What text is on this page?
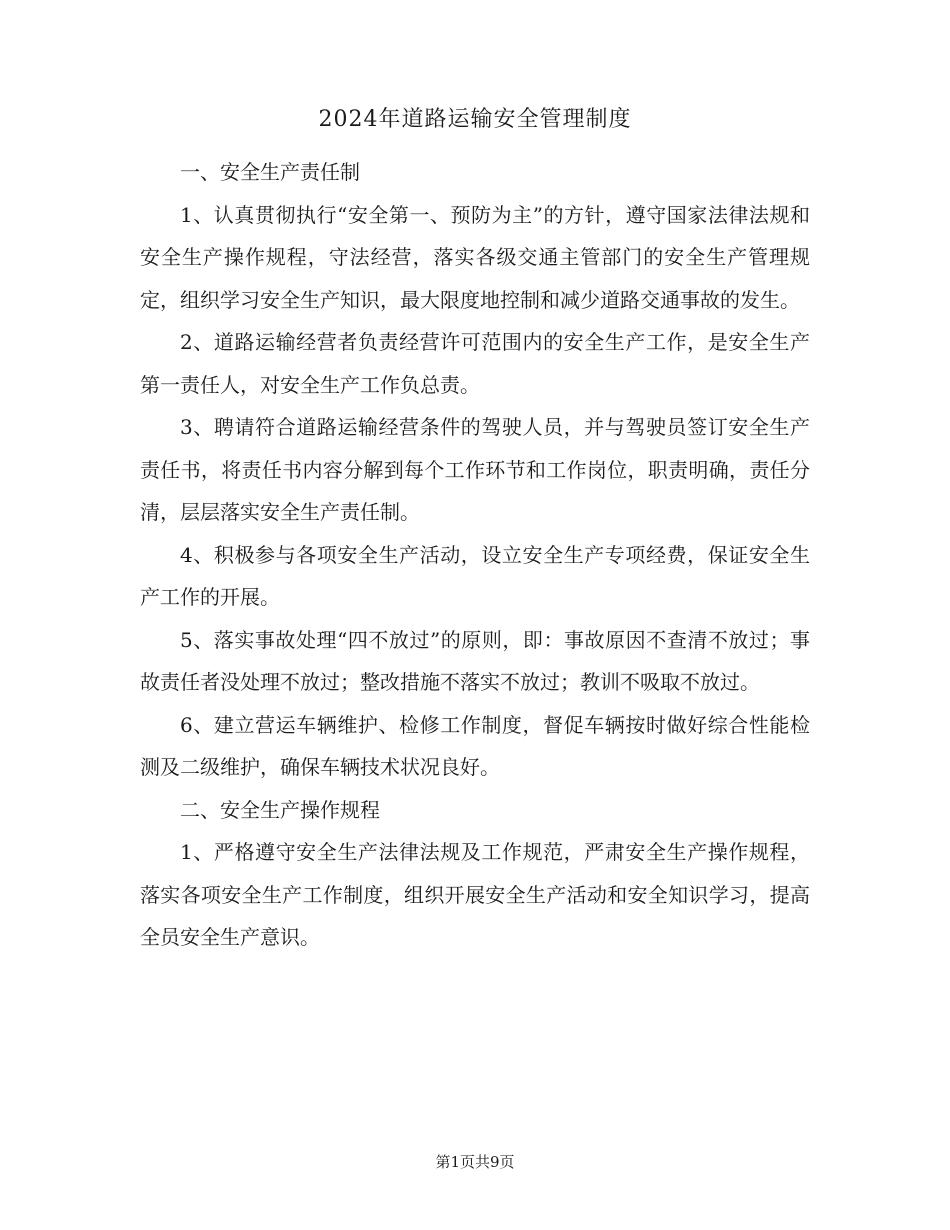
2024年道路运输安全管理制度

一、安全生产责任制

1、认真贯彻执行“安全第一、预防为主”的方针，遵守国家法律法规和安全生产操作规程，守法经营，落实各级交通主管部门的安全生产管理规定，组织学习安全生产知识，最大限度地控制和减少道路交通事故的发生。

2、道路运输经营者负责经营许可范围内的安全生产工作，是安全生产第一责任人，对安全生产工作负总责。

3、聘请符合道路运输经营条件的驾驶人员，并与驾驶员签订安全生产责任书，将责任书内容分解到每个工作环节和工作岗位，职责明确，责任分清，层层落实安全生产责任制。

4、积极参与各项安全生产活动，设立安全生产专项经费，保证安全生产工作的开展。

5、落实事故处理“四不放过”的原则，即：事故原因不查清不放过；事故责任者没处理不放过；整改措施不落实不放过；教训不吸取不放过。

6、建立营运车辆维护、检修工作制度，督促车辆按时做好综合性能检测及二级维护，确保车辆技术状况良好。

二、安全生产操作规程

1、严格遵守安全生产法律法规及工作规范，严肃安全生产操作规程，落实各项安全生产工作制度，组织开展安全生产活动和安全知识学习，提高全员安全生产意识。

第1页共9页
